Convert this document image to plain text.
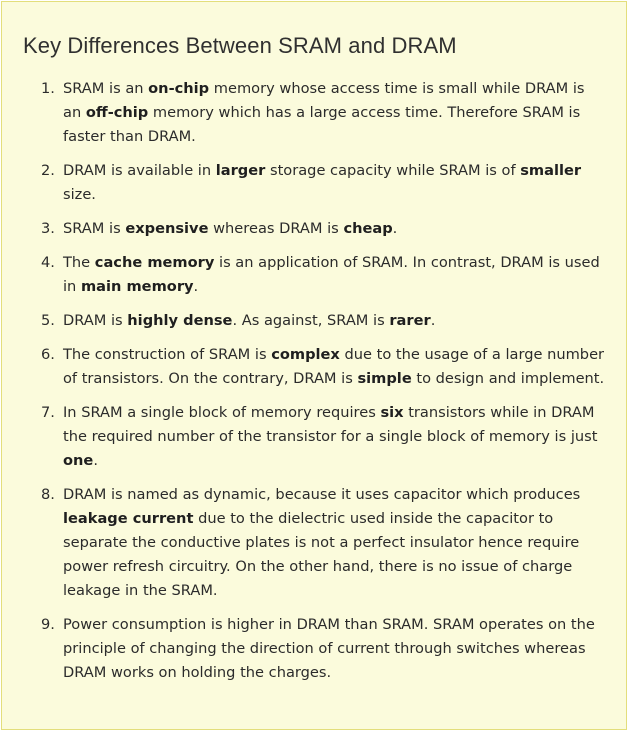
Key Differences Between SRAM and DRAM
1. SRAM is an on-chip memory whose access time is small while DRAM is an off-chip memory which has a large access time. Therefore SRAM is faster than DRAM.
2. DRAM is available in larger storage capacity while SRAM is of smaller size.
3. SRAM is expensive whereas DRAM is cheap.
4. The cache memory is an application of SRAM. In contrast, DRAM is used in main memory.
5. DRAM is highly dense. As against, SRAM is rarer.
6. The construction of SRAM is complex due to the usage of a large number of transistors. On the contrary, DRAM is simple to design and implement.
7. In SRAM a single block of memory requires six transistors while in DRAM the required number of the transistor for a single block of memory is just one.
8. DRAM is named as dynamic, because it uses capacitor which produces leakage current due to the dielectric used inside the capacitor to separate the conductive plates is not a perfect insulator hence require power refresh circuitry. On the other hand, there is no issue of charge leakage in the SRAM.
9. Power consumption is higher in DRAM than SRAM. SRAM operates on the principle of changing the direction of current through switches whereas DRAM works on holding the charges.
